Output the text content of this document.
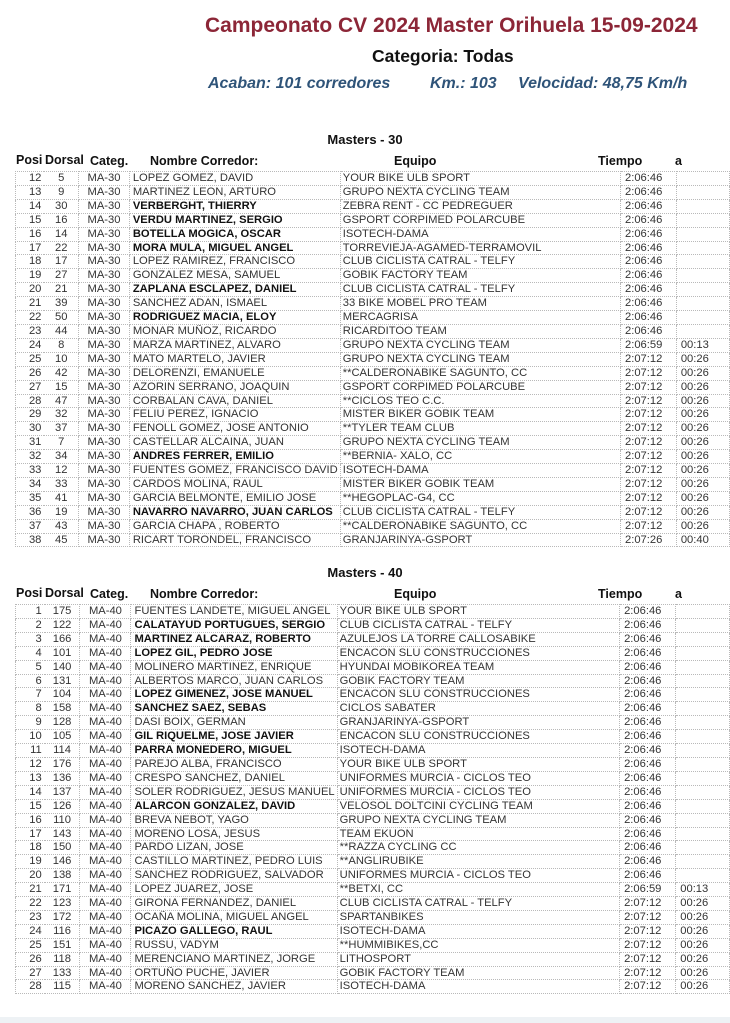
Campeonato CV 2024 Master Orihuela 15-09-2024
Categoria: Todas
Acaban: 101 corredores Km.: 103 Velocidad: 48,75 Km/h
Masters - 30
Posi Dorsal Categ. Nombre Corredor:	Equipo	Tiempo	a
12	5	MA-30	LOPEZ GOMEZ, DAVID	YOUR BIKE ULB SPORT	2:06:46	
13	9	MA-30	MARTINEZ LEON, ARTURO	GRUPO NEXTA CYCLING TEAM	2:06:46	
14	30	MA-30	VERBERGHT, THIERRY	ZEBRA RENT - CC PEDREGUER	2:06:46	
15	16	MA-30	VERDU MARTINEZ, SERGIO	GSPORT CORPIMED POLARCUBE	2:06:46	
16	14	MA-30	BOTELLA MOGICA, OSCAR	ISOTECH-DAMA	2:06:46	
17	22	MA-30	MORA MULA, MIGUEL ANGEL	TORREVIEJA-AGAMED-TERRAMOVIL	2:06:46	
18	17	MA-30	LOPEZ RAMIREZ, FRANCISCO	CLUB CICLISTA CATRAL - TELFY	2:06:46	
19	27	MA-30	GONZALEZ MESA, SAMUEL	GOBIK FACTORY TEAM	2:06:46	
20	21	MA-30	ZAPLANA ESCLAPEZ, DANIEL	CLUB CICLISTA CATRAL - TELFY	2:06:46	
21	39	MA-30	SANCHEZ ADAN, ISMAEL	33 BIKE MOBEL PRO TEAM	2:06:46	
22	50	MA-30	RODRIGUEZ MACIA, ELOY	MERCAGRISA	2:06:46	
23	44	MA-30	MONAR MUÑOZ, RICARDO	RICARDITOO TEAM	2:06:46	
24	8	MA-30	MARZA MARTINEZ, ALVARO	GRUPO NEXTA CYCLING TEAM	2:06:59	00:13
25	10	MA-30	MATO MARTELO, JAVIER	GRUPO NEXTA CYCLING TEAM	2:07:12	00:26
26	42	MA-30	DELORENZI, EMANUELE	**CALDERONABIKE SAGUNTO, CC	2:07:12	00:26
27	15	MA-30	AZORIN SERRANO, JOAQUIN	GSPORT CORPIMED POLARCUBE	2:07:12	00:26
28	47	MA-30	CORBALAN CAVA, DANIEL	**CICLOS TEO C.C.	2:07:12	00:26
29	32	MA-30	FELIU PEREZ, IGNACIO	MISTER BIKER GOBIK TEAM	2:07:12	00:26
30	37	MA-30	FENOLL GOMEZ, JOSE ANTONIO	**TYLER TEAM CLUB	2:07:12	00:26
31	7	MA-30	CASTELLAR ALCAINA, JUAN	GRUPO NEXTA CYCLING TEAM	2:07:12	00:26
32	34	MA-30	ANDRES FERRER, EMILIO	**BERNIA- XALO, CC	2:07:12	00:26
33	12	MA-30	FUENTES GOMEZ, FRANCISCO DAVID	ISOTECH-DAMA	2:07:12	00:26
34	33	MA-30	CARDOS MOLINA, RAUL	MISTER BIKER GOBIK TEAM	2:07:12	00:26
35	41	MA-30	GARCIA BELMONTE, EMILIO JOSE	**HEGOPLAC-G4, CC	2:07:12	00:26
36	19	MA-30	NAVARRO NAVARRO, JUAN CARLOS	CLUB CICLISTA CATRAL - TELFY	2:07:12	00:26
37	43	MA-30	GARCIA CHAPA , ROBERTO	**CALDERONABIKE SAGUNTO, CC	2:07:12	00:26
38	45	MA-30	RICART TORONDEL, FRANCISCO	GRANJARINYA-GSPORT	2:07:26	00:40
Masters - 40
Posi Dorsal Categ. Nombre Corredor:	Equipo	Tiempo	a
1	175	MA-40	FUENTES LANDETE, MIGUEL ANGEL	YOUR BIKE ULB SPORT	2:06:46	
2	122	MA-40	CALATAYUD PORTUGUES, SERGIO	CLUB CICLISTA CATRAL - TELFY	2:06:46	
3	166	MA-40	MARTINEZ ALCARAZ, ROBERTO	AZULEJOS LA TORRE CALLOSABIKE	2:06:46	
4	101	MA-40	LOPEZ GIL, PEDRO JOSE	ENCACON SLU CONSTRUCCIONES	2:06:46	
5	140	MA-40	MOLINERO MARTINEZ, ENRIQUE	HYUNDAI MOBIKOREA TEAM	2:06:46	
6	131	MA-40	ALBERTOS MARCO, JUAN CARLOS	GOBIK FACTORY TEAM	2:06:46	
7	104	MA-40	LOPEZ GIMENEZ, JOSE MANUEL	ENCACON SLU CONSTRUCCIONES	2:06:46	
8	158	MA-40	SANCHEZ SAEZ, SEBAS	CICLOS SABATER	2:06:46	
9	128	MA-40	DASI BOIX, GERMAN	GRANJARINYA-GSPORT	2:06:46	
10	105	MA-40	GIL RIQUELME, JOSE JAVIER	ENCACON SLU CONSTRUCCIONES	2:06:46	
11	114	MA-40	PARRA MONEDERO, MIGUEL	ISOTECH-DAMA	2:06:46	
12	176	MA-40	PAREJO ALBA, FRANCISCO	YOUR BIKE ULB SPORT	2:06:46	
13	136	MA-40	CRESPO SANCHEZ, DANIEL	UNIFORMES MURCIA - CICLOS TEO	2:06:46	
14	137	MA-40	SOLER RODRIGUEZ, JESUS MANUEL	UNIFORMES MURCIA - CICLOS TEO	2:06:46	
15	126	MA-40	ALARCON GONZALEZ, DAVID	VELOSOL DOLTCINI CYCLING TEAM	2:06:46	
16	110	MA-40	BREVA NEBOT, YAGO	GRUPO NEXTA CYCLING TEAM	2:06:46	
17	143	MA-40	MORENO LOSA, JESUS	TEAM EKUON	2:06:46	
18	150	MA-40	PARDO LIZAN, JOSE	**RAZZA CYCLING CC	2:06:46	
19	146	MA-40	CASTILLO MARTINEZ, PEDRO LUIS	**ANGLIRUBIKE	2:06:46	
20	138	MA-40	SANCHEZ RODRIGUEZ, SALVADOR	UNIFORMES MURCIA - CICLOS TEO	2:06:46	
21	171	MA-40	LOPEZ JUAREZ, JOSE	**BETXI, CC	2:06:59	00:13
22	123	MA-40	GIRONA FERNANDEZ, DANIEL	CLUB CICLISTA CATRAL - TELFY	2:07:12	00:26
23	172	MA-40	OCAÑA MOLINA, MIGUEL ANGEL	SPARTANBIKES	2:07:12	00:26
24	116	MA-40	PICAZO GALLEGO, RAUL	ISOTECH-DAMA	2:07:12	00:26
25	151	MA-40	RUSSU, VADYM	**HUMMIBIKES,CC	2:07:12	00:26
26	118	MA-40	MERENCIANO MARTINEZ, JORGE	LITHOSPORT	2:07:12	00:26
27	133	MA-40	ORTUÑO PUCHE, JAVIER	GOBIK FACTORY TEAM	2:07:12	00:26
28	115	MA-40	MORENO SANCHEZ, JAVIER	ISOTECH-DAMA	2:07:12	00:26
